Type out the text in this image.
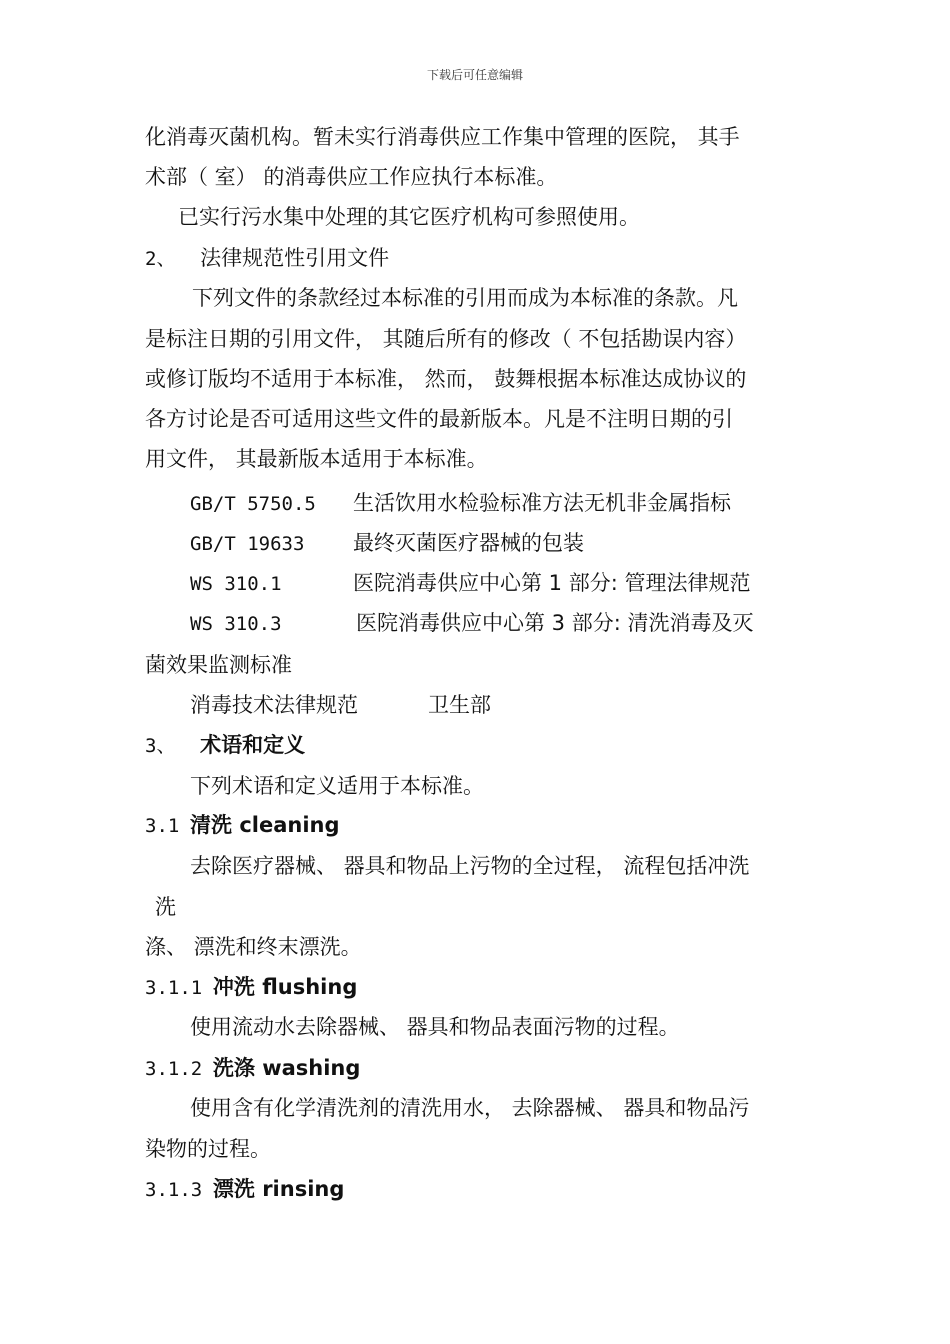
下载后可任意编辑
化消毒灭菌机构。暂未实行消毒供应工作集中管理的医院， 其手
术部（ 室） 的消毒供应工作应执行本标准。
已实行污水集中处理的其它医疗机构可参照使用。
2、 法律规范性引用文件
下列文件的条款经过本标准的引用而成为本标准的条款。凡
是标注日期的引用文件， 其随后所有的修改（ 不包括勘误内容）
或修订版均不适用于本标准， 然而， 鼓舞根据本标准达成协议的
各方讨论是否可适用这些文件的最新版本。凡是不注明日期的引
用文件， 其最新版本适用于本标准。
GB/T 5750.5 生活饮用水检验标准方法无机非金属指标
GB/T 19633 最终灭菌医疗器械的包装
WS 310.1	医院消毒供应中心第 1 部分: 管理法律规范
WS 310.3	医院消毒供应中心第 3 部分: 清洗消毒及灭
菌效果监测标准
消毒技术法律规范	卫生部
3、 术语和定义
下列术语和定义适用于本标准。
3.1 清洗 cleaning
去除医疗器械、 器具和物品上污物的全过程， 流程包括冲洗
洗
涤、 漂洗和终末漂洗。
3.1.1 冲洗 flushing
使用流动水去除器械、 器具和物品表面污物的过程。
3.1.2 洗涤 washing
使用含有化学清洗剂的清洗用水， 去除器械、 器具和物品污
染物的过程。
3.1.3 漂洗 rinsing
